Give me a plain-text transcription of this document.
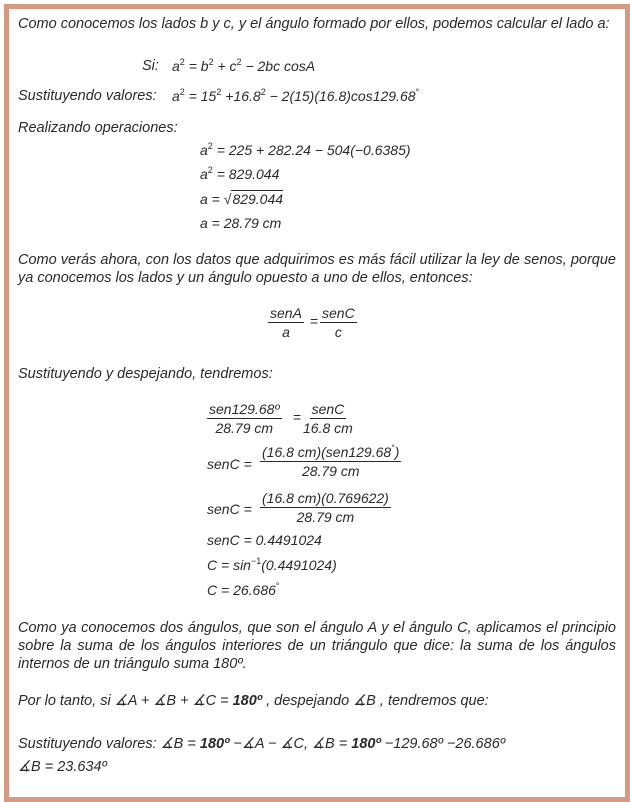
Como conocemos los lados b y c, y el ángulo formado por ellos, podemos calcular el lado a:
Si: $a^2 = b^2 + c^2 - 2bc$ cosA
Sustituyendo valores: $a^2 = 15^2 +16.8^2 - 2(15)(16.8)\cos 129.68^\circ$
Realizando operaciones:
$a^2 = 225 + 282.24 - 504(-0.6385)$
$a^2 = 829.044$
a = √829.044
a = 28.79 cm
Como verás ahora, con los datos que adquirimos es más fácil utilizar la ley de senos, porque ya conocemos los lados y un ángulo opuesto a uno de ellos, entonces:
senA
a
= senC
c
Sustituyendo y despejando, tendremos:
sen129.68º
28.79 cm
= senC
16.8 cm
senC =
(16.8 cm)(sen129.68°)
28.79 cm
senC = $\frac{(16.8 cm)(0.769622)}{28.79 cm}$
senC = 0.4491024
$C = \sin^{-1}(0.4491024)$
C = 26.686°
Como ya conocemos dos ángulos, que son el ángulo A y el ángulo C, aplicamos el principio sobre la suma de los ángulos interiores de un triángulo que dice: la suma de los ángulos internos de un triángulo suma 180º.
Por lo tanto, si ∡A + ∡B + ∡C = 180º , despejando ∡B , tendremos que:
Sustituyendo valores: ∡B = 180º −∡A − ∡C, ∡B = 180º −129.68º −26.686º
∡B = 23.634º
